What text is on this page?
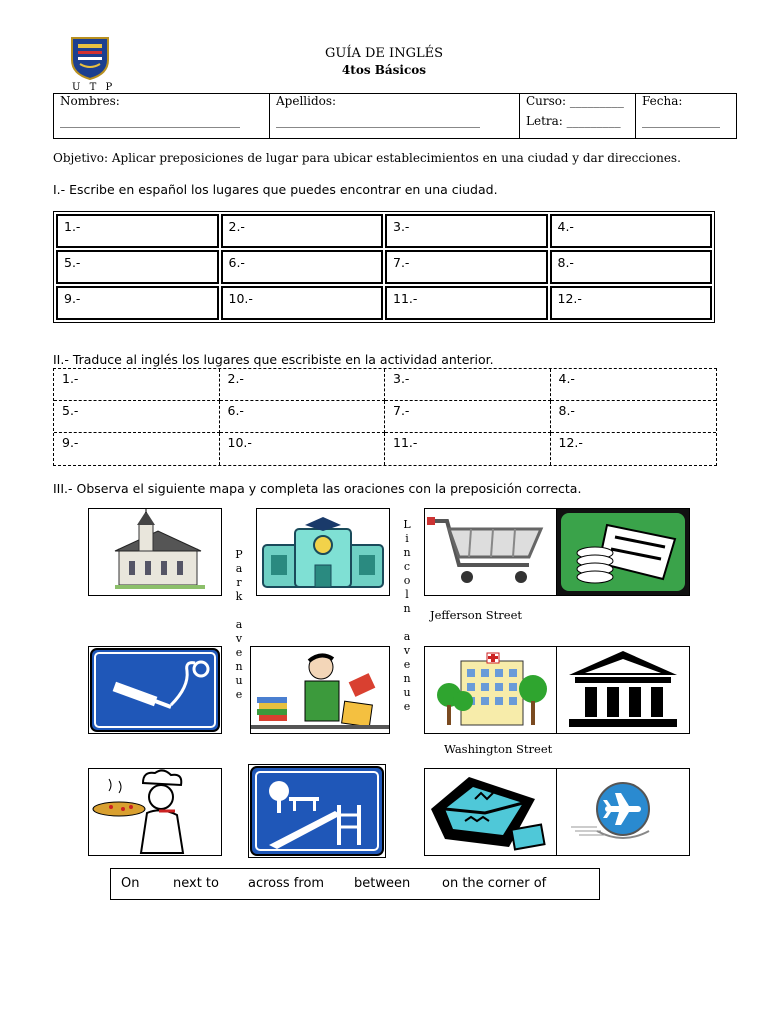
U T P
GUÍA DE INGLÉS
4tos Básicos
Nombres:
______________________________
	Apellidos:
__________________________________
	Curso: _________
Letra: _________
	Fecha:
_____________
Objetivo: Aplicar preposiciones de lugar para ubicar establecimientos en una ciudad y dar direcciones.
I.- Escribe en español los lugares que puedes encontrar en una ciudad.
1.-	2.-	3.-	4.-
5.-	6.-	7.-	8.-
9.-	10.-	11.-	12.-
II.- Traduce al inglés los lugares que escribiste en la actividad anterior.
1.-	2.-	3.-	4.-
5.-	6.-	7.-	8.-
9.-	10.-	11.-	12.-
III.- Observa el siguiente mapa y completa las oraciones con la preposición correcta.
P
a
r
k
a
v
e
n
u
e
L
i
n
c
o
l
n
a
v
e
n
u
e
Jefferson Street
Washington Street
On	next to across from between on the corner of
